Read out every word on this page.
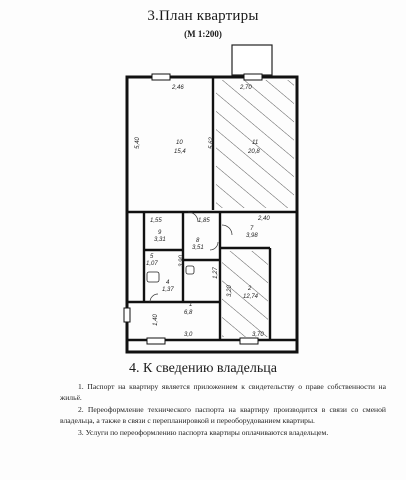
3.План квартиры
(М 1:200)
10
15,4
11
20,8
9
3,31	8
3,51
7
3,98
5
1,07
4
1,37	2
12,74
1
6,8
2,46
5,40	5,62
1,55	1,85	2,40
2,70
3,20
3,90
3,70
3,0
1,27
1,40
4. К сведению владельца

1. Паспорт на квартиру является приложением к свидетельству о праве собственности на жильё.

2. Переоформление технического паспорта на квартиру производится в связи со сменой владельца, а также в связи с перепланировкой и переоборудованием квартиры.

3. Услуги по переоформлению паспорта квартиры оплачиваются владельцем.
